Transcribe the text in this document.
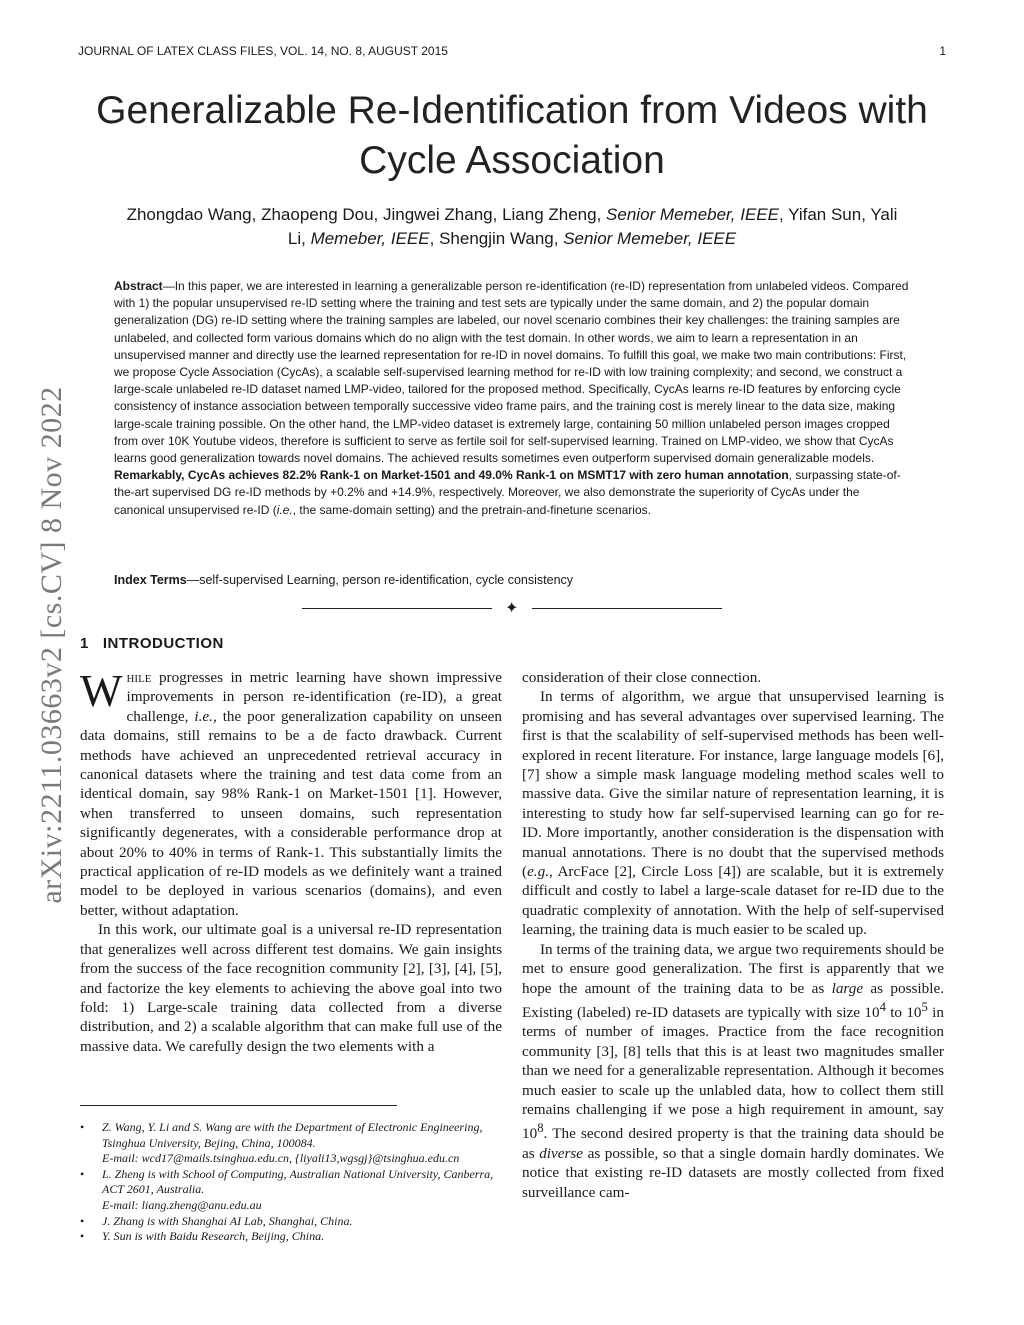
JOURNAL OF LATEX CLASS FILES, VOL. 14, NO. 8, AUGUST 2015	1
arXiv:2211.03663v2 [cs.CV] 8 Nov 2022
Generalizable Re-Identification from Videos with
Cycle Association
Zhongdao Wang, Zhaopeng Dou, Jingwei Zhang, Liang Zheng, Senior Memeber, IEEE, Yifan Sun, Yali
Li, Memeber, IEEE, Shengjin Wang, Senior Memeber, IEEE
Abstract—In this paper, we are interested in learning a generalizable person re-identification (re-ID) representation from unlabeled videos. Compared with 1) the popular unsupervised re-ID setting where the training and test sets are typically under the same domain, and 2) the popular domain generalization (DG) re-ID setting where the training samples are labeled, our novel scenario combines their key challenges: the training samples are unlabeled, and collected form various domains which do no align with the test domain. In other words, we aim to learn a representation in an unsupervised manner and directly use the learned representation for re-ID in novel domains. To fulfill this goal, we make two main contributions: First, we propose Cycle Association (CycAs), a scalable self-supervised learning method for re-ID with low training complexity; and second, we construct a large-scale unlabeled re-ID dataset named LMP-video, tailored for the proposed method. Specifically, CycAs learns re-ID features by enforcing cycle consistency of instance association between temporally successive video frame pairs, and the training cost is merely linear to the data size, making large-scale training possible. On the other hand, the LMP-video dataset is extremely large, containing 50 million unlabeled person images cropped from over 10K Youtube videos, therefore is sufficient to serve as fertile soil for self-supervised learning. Trained on LMP-video, we show that CycAs learns good generalization towards novel domains. The achieved results sometimes even outperform supervised domain generalizable models. Remarkably, CycAs achieves 82.2% Rank-1 on Market-1501 and 49.0% Rank-1 on MSMT17 with zero human annotation, surpassing state-of-the-art supervised DG re-ID methods by +0.2% and +14.9%, respectively. Moreover, we also demonstrate the superiority of CycAs under the canonical unsupervised re-ID (i.e., the same-domain setting) and the pretrain-and-finetune scenarios.
Index Terms—self-supervised Learning, person re-identification, cycle consistency
✦
1 INTRODUCTION

While progresses in metric learning have shown impressive improvements in person re-identification (re-ID), a great challenge, i.e., the poor generalization capability on unseen data domains, still remains to be a de facto drawback. Current methods have achieved an unprecedented retrieval accuracy in canonical datasets where the training and test data come from an identical domain, say 98% Rank-1 on Market-1501 [1]. However, when transferred to unseen domains, such representation significantly degenerates, with a considerable performance drop at about 20% to 40% in terms of Rank-1. This substantially limits the practical application of re-ID models as we definitely want a trained model to be deployed in various scenarios (domains), and even better, without adaptation.

In this work, our ultimate goal is a universal re-ID representation that generalizes well across different test domains. We gain insights from the success of the face recognition community [2], [3], [4], [5], and factorize the key elements to achieving the above goal into two fold: 1) Large-scale training data collected from a diverse distribution, and 2) a scalable algorithm that can make full use of the massive data. We carefully design the two elements with a

consideration of their close connection.

In terms of algorithm, we argue that unsupervised learning is promising and has several advantages over supervised learning. The first is that the scalability of self-supervised methods has been well-explored in recent literature. For instance, large language models [6], [7] show a simple mask language modeling method scales well to massive data. Give the similar nature of representation learning, it is interesting to study how far self-supervised learning can go for re-ID. More importantly, another consideration is the dispensation with manual annotations. There is no doubt that the supervised methods (e.g., ArcFace [2], Circle Loss [4]) are scalable, but it is extremely difficult and costly to label a large-scale dataset for re-ID due to the quadratic complexity of annotation. With the help of self-supervised learning, the training data is much easier to be scaled up.

In terms of the training data, we argue two requirements should be met to ensure good generalization. The first is apparently that we hope the amount of the training data to be as large as possible. Existing (labeled) re-ID datasets are typically with size $10^4$ to $10^5$ in terms of number of images. Practice from the face recognition community [3], [8] tells that this is at least two magnitudes smaller than we need for a generalizable representation. Although it becomes much easier to scale up the unlabled data, how to collect them still remains challenging if we pose a high requirement in amount, say $10^8$. The second desired property is that the training data should be as diverse as possible, so that a single domain hardly dominates. We notice that existing re-ID datasets are mostly collected from fixed surveillance cam-

• Z. Wang, Y. Li and S. Wang are with the Department of Electronic Engineering, Tsinghua University, Bejing, China, 100084.
E-mail: wcd17@mails.tsinghua.edu.cn, {liyali13,wgsgj}@tsinghua.edu.cn
• L. Zheng is with School of Computing, Australian National University, Canberra, ACT 2601, Australia.
E-mail: liang.zheng@anu.edu.au
• J. Zhang is with Shanghai AI Lab, Shanghai, China.
• Y. Sun is with Baidu Research, Beijing, China.
